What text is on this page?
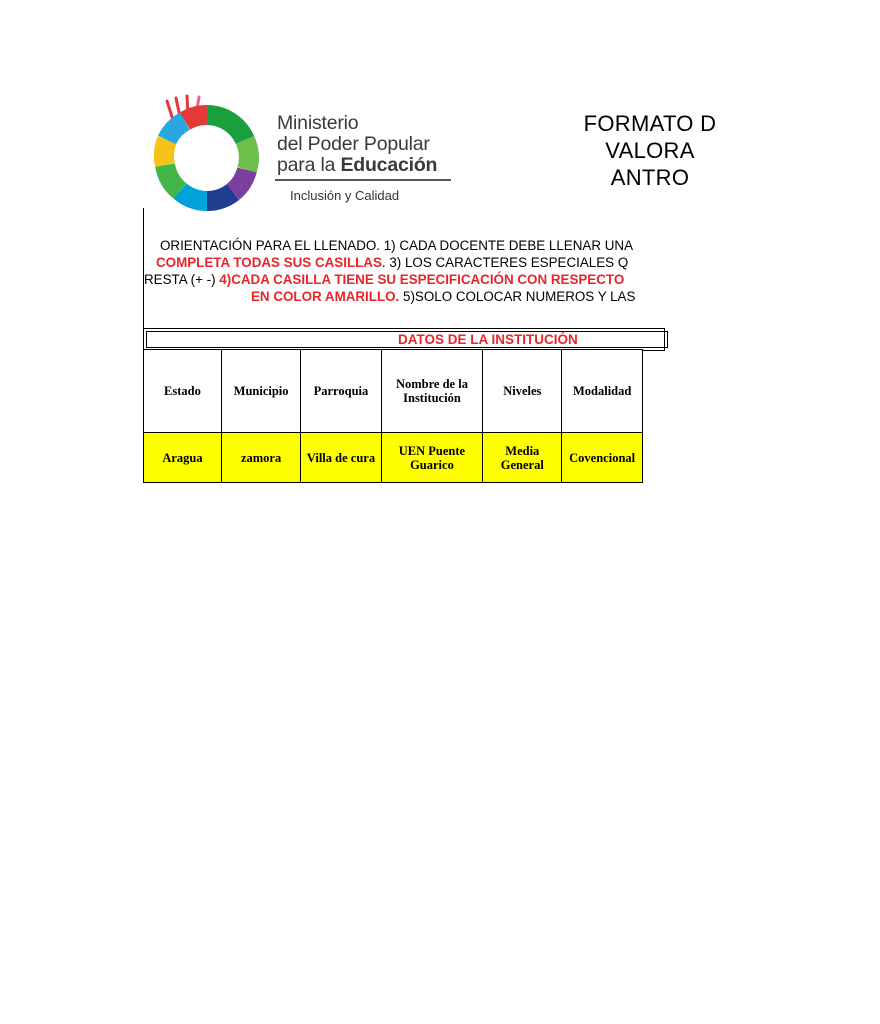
Ministerio
del Poder Popular
para la Educación
Inclusión y Calidad
FORMATO D
VALORA
ANTRO
ORIENTACIÓN PARA EL LLENADO. 1) CADA DOCENTE DEBE LLENAR UNA
COMPLETA TODAS SUS CASILLAS. 3) LOS CARACTERES ESPECIALES Q
RESTA (+ -) 4)CADA CASILLA TIENE SU ESPECIFICACIÓN CON RESPECTO
EN COLOR AMARILLO. 5)SOLO COLOCAR NUMEROS Y LAS
DATOS DE LA INSTITUCIÓN
Estado	Municipio	Parroquia	Nombre de la Institución	Niveles	Modalidad
Aragua	zamora	Villa de cura	UEN Puente Guarico	Media General	Covencional
